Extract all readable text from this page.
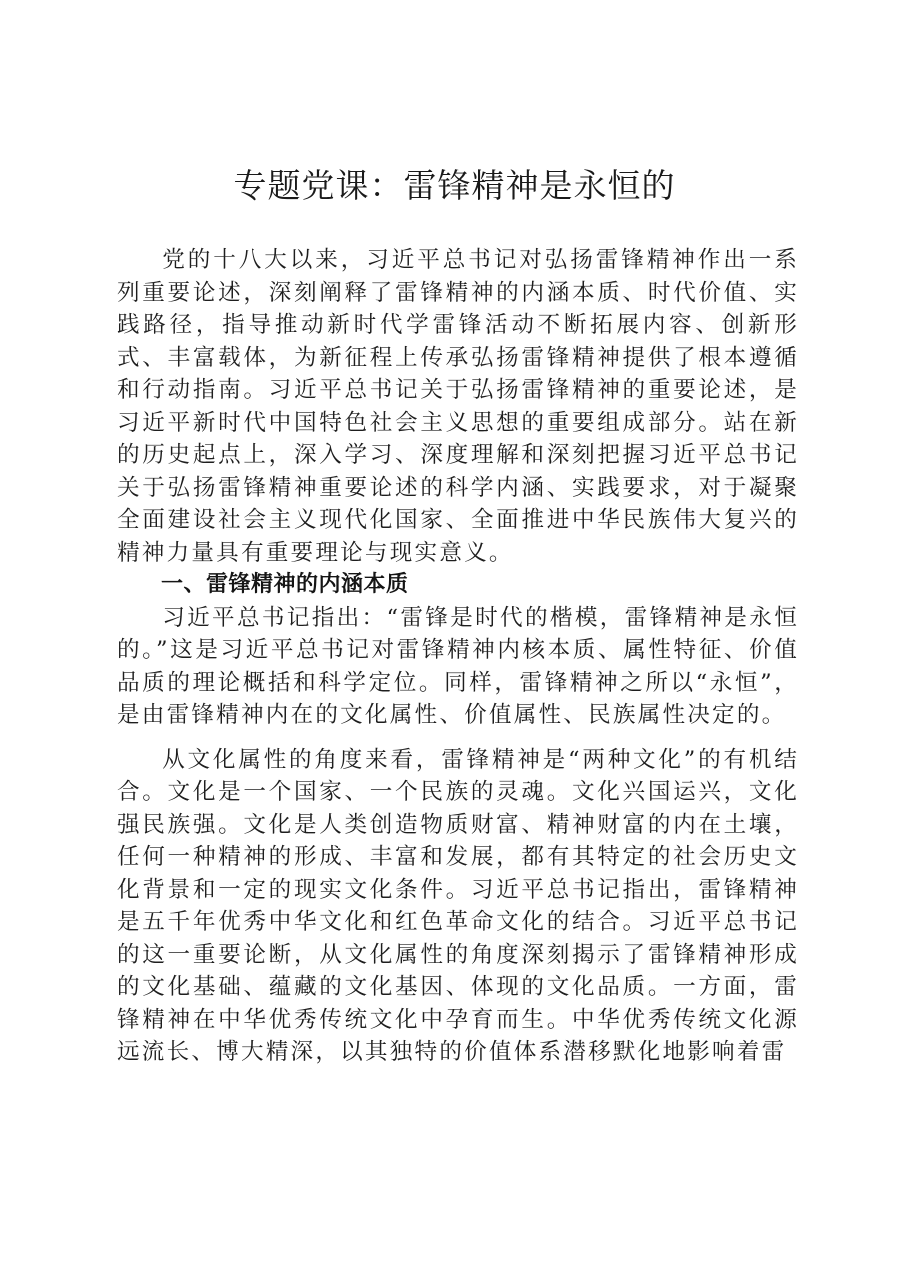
专题党课：雷锋精神是永恒的

党的十八大以来，习近平总书记对弘扬雷锋精神作出一系列重要论述，深刻阐释了雷锋精神的内涵本质、时代价值、实践路径，指导推动新时代学雷锋活动不断拓展内容、创新形式、丰富载体，为新征程上传承弘扬雷锋精神提供了根本遵循和行动指南。习近平总书记关于弘扬雷锋精神的重要论述，是习近平新时代中国特色社会主义思想的重要组成部分。站在新的历史起点上，深入学习、深度理解和深刻把握习近平总书记关于弘扬雷锋精神重要论述的科学内涵、实践要求，对于凝聚全面建设社会主义现代化国家、全面推进中华民族伟大复兴的精神力量具有重要理论与现实意义。

一、雷锋精神的内涵本质

习近平总书记指出：“雷锋是时代的楷模，雷锋精神是永恒的。”这是习近平总书记对雷锋精神内核本质、属性特征、价值品质的理论概括和科学定位。同样，雷锋精神之所以“永恒”，是由雷锋精神内在的文化属性、价值属性、民族属性决定的。

从文化属性的角度来看，雷锋精神是“两种文化”的有机结合。文化是一个国家、一个民族的灵魂。文化兴国运兴，文化强民族强。文化是人类创造物质财富、精神财富的内在土壤，任何一种精神的形成、丰富和发展，都有其特定的社会历史文化背景和一定的现实文化条件。习近平总书记指出，雷锋精神是五千年优秀中华文化和红色革命文化的结合。习近平总书记的这一重要论断，从文化属性的角度深刻揭示了雷锋精神形成的文化基础、蕴藏的文化基因、体现的文化品质。一方面，雷锋精神在中华优秀传统文化中孕育而生。中华优秀传统文化源远流长、博大精深，以其独特的价值体系潜移默化地影响着雷
